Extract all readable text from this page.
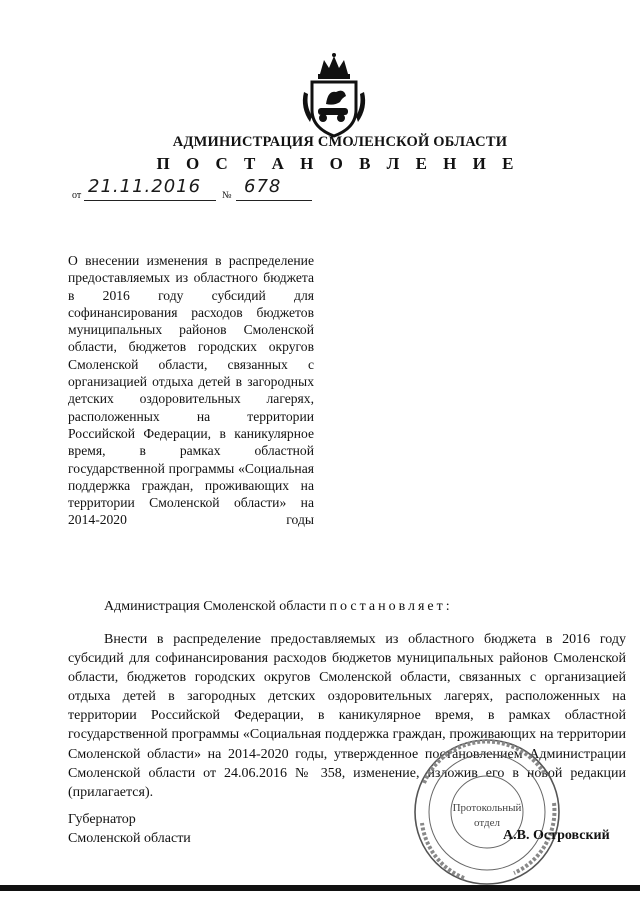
АДМИНИСТРАЦИЯ СМОЛЕНСКОЙ ОБЛАСТИ
П О С Т А Н О В Л Е Н И Е
от 21.11.2016 № 678
О внесении изменения в распределение предоставляемых из областного бюджета в 2016 году субсидий для софинансирования расходов бюджетов муниципальных районов Смоленской области, бюджетов городских округов Смоленской области, связанных с организацией отдыха детей в загородных детских оздоровительных лагерях, расположенных на территории Российской Федерации, в каникулярное время, в рамках областной государственной программы «Социальная поддержка граждан, проживающих на территории Смоленской области» на 2014-2020 годы
Администрация Смоленской области постановляет:
Внести в распределение предоставляемых из областного бюджета в 2016 году субсидий для софинансирования расходов бюджетов муниципальных районов Смоленской области, бюджетов городских округов Смоленской области, связанных с организацией отдыха детей в загородных детских оздоровительных лагерях, расположенных на территории Российской Федерации, в каникулярное время, в рамках областной государственной программы «Социальная поддержка граждан, проживающих на территории Смоленской области» на 2014-2020 годы, утвержденное постановлением Администрации Смоленской области от 24.06.2016 № 358, изменение, изложив его в новой редакции (прилагается).
Губернатор
Смоленской области
Протокольный
отдел
А.В. Островский
